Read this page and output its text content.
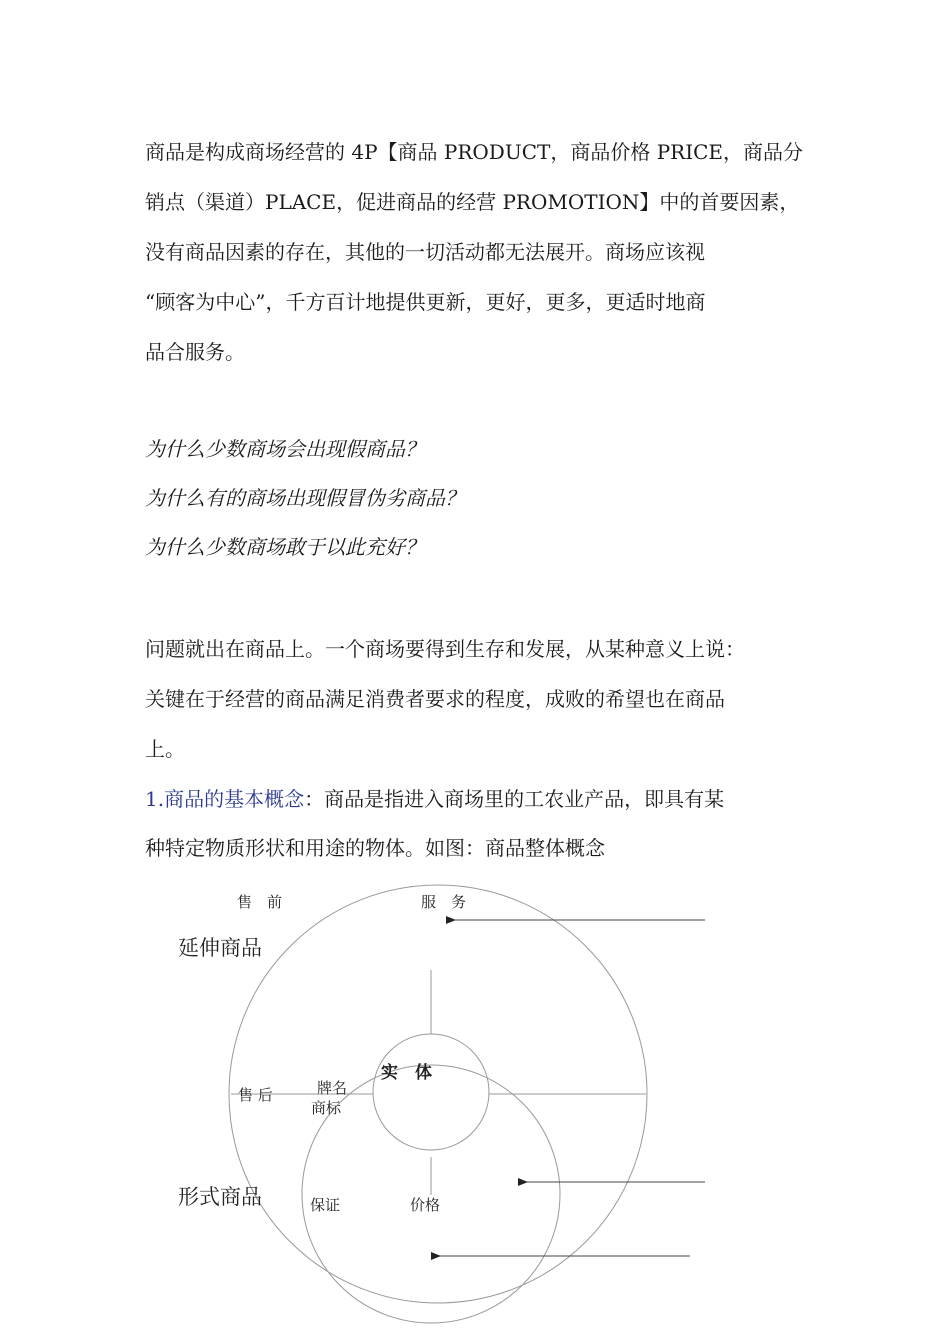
商品是构成商场经营的 4P【商品 PRODUCT，商品价格 PRICE，商品分

销点（渠道）PLACE，促进商品的经营 PROMOTION】中的首要因素，

没有商品因素的存在，其他的一切活动都无法展开。商场应该视

“顾客为中心”，千方百计地提供更新，更好，更多，更适时地商

品合服务。

为什么少数商场会出现假商品？

为什么有的商场出现假冒伪劣商品？

为什么少数商场敢于以此充好？

问题就出在商品上。一个商场要得到生存和发展，从某种意义上说：

关键在于经营的商品满足消费者要求的程度，成败的希望也在商品

上。

1.商品的基本概念：商品是指进入商场里的工农业产品，即具有某

种特定物质形状和用途的物体。如图：商品整体概念

售　前	服　务
延伸商品
实　体
售 后	牌名
商标
形式商品	保证	价格
